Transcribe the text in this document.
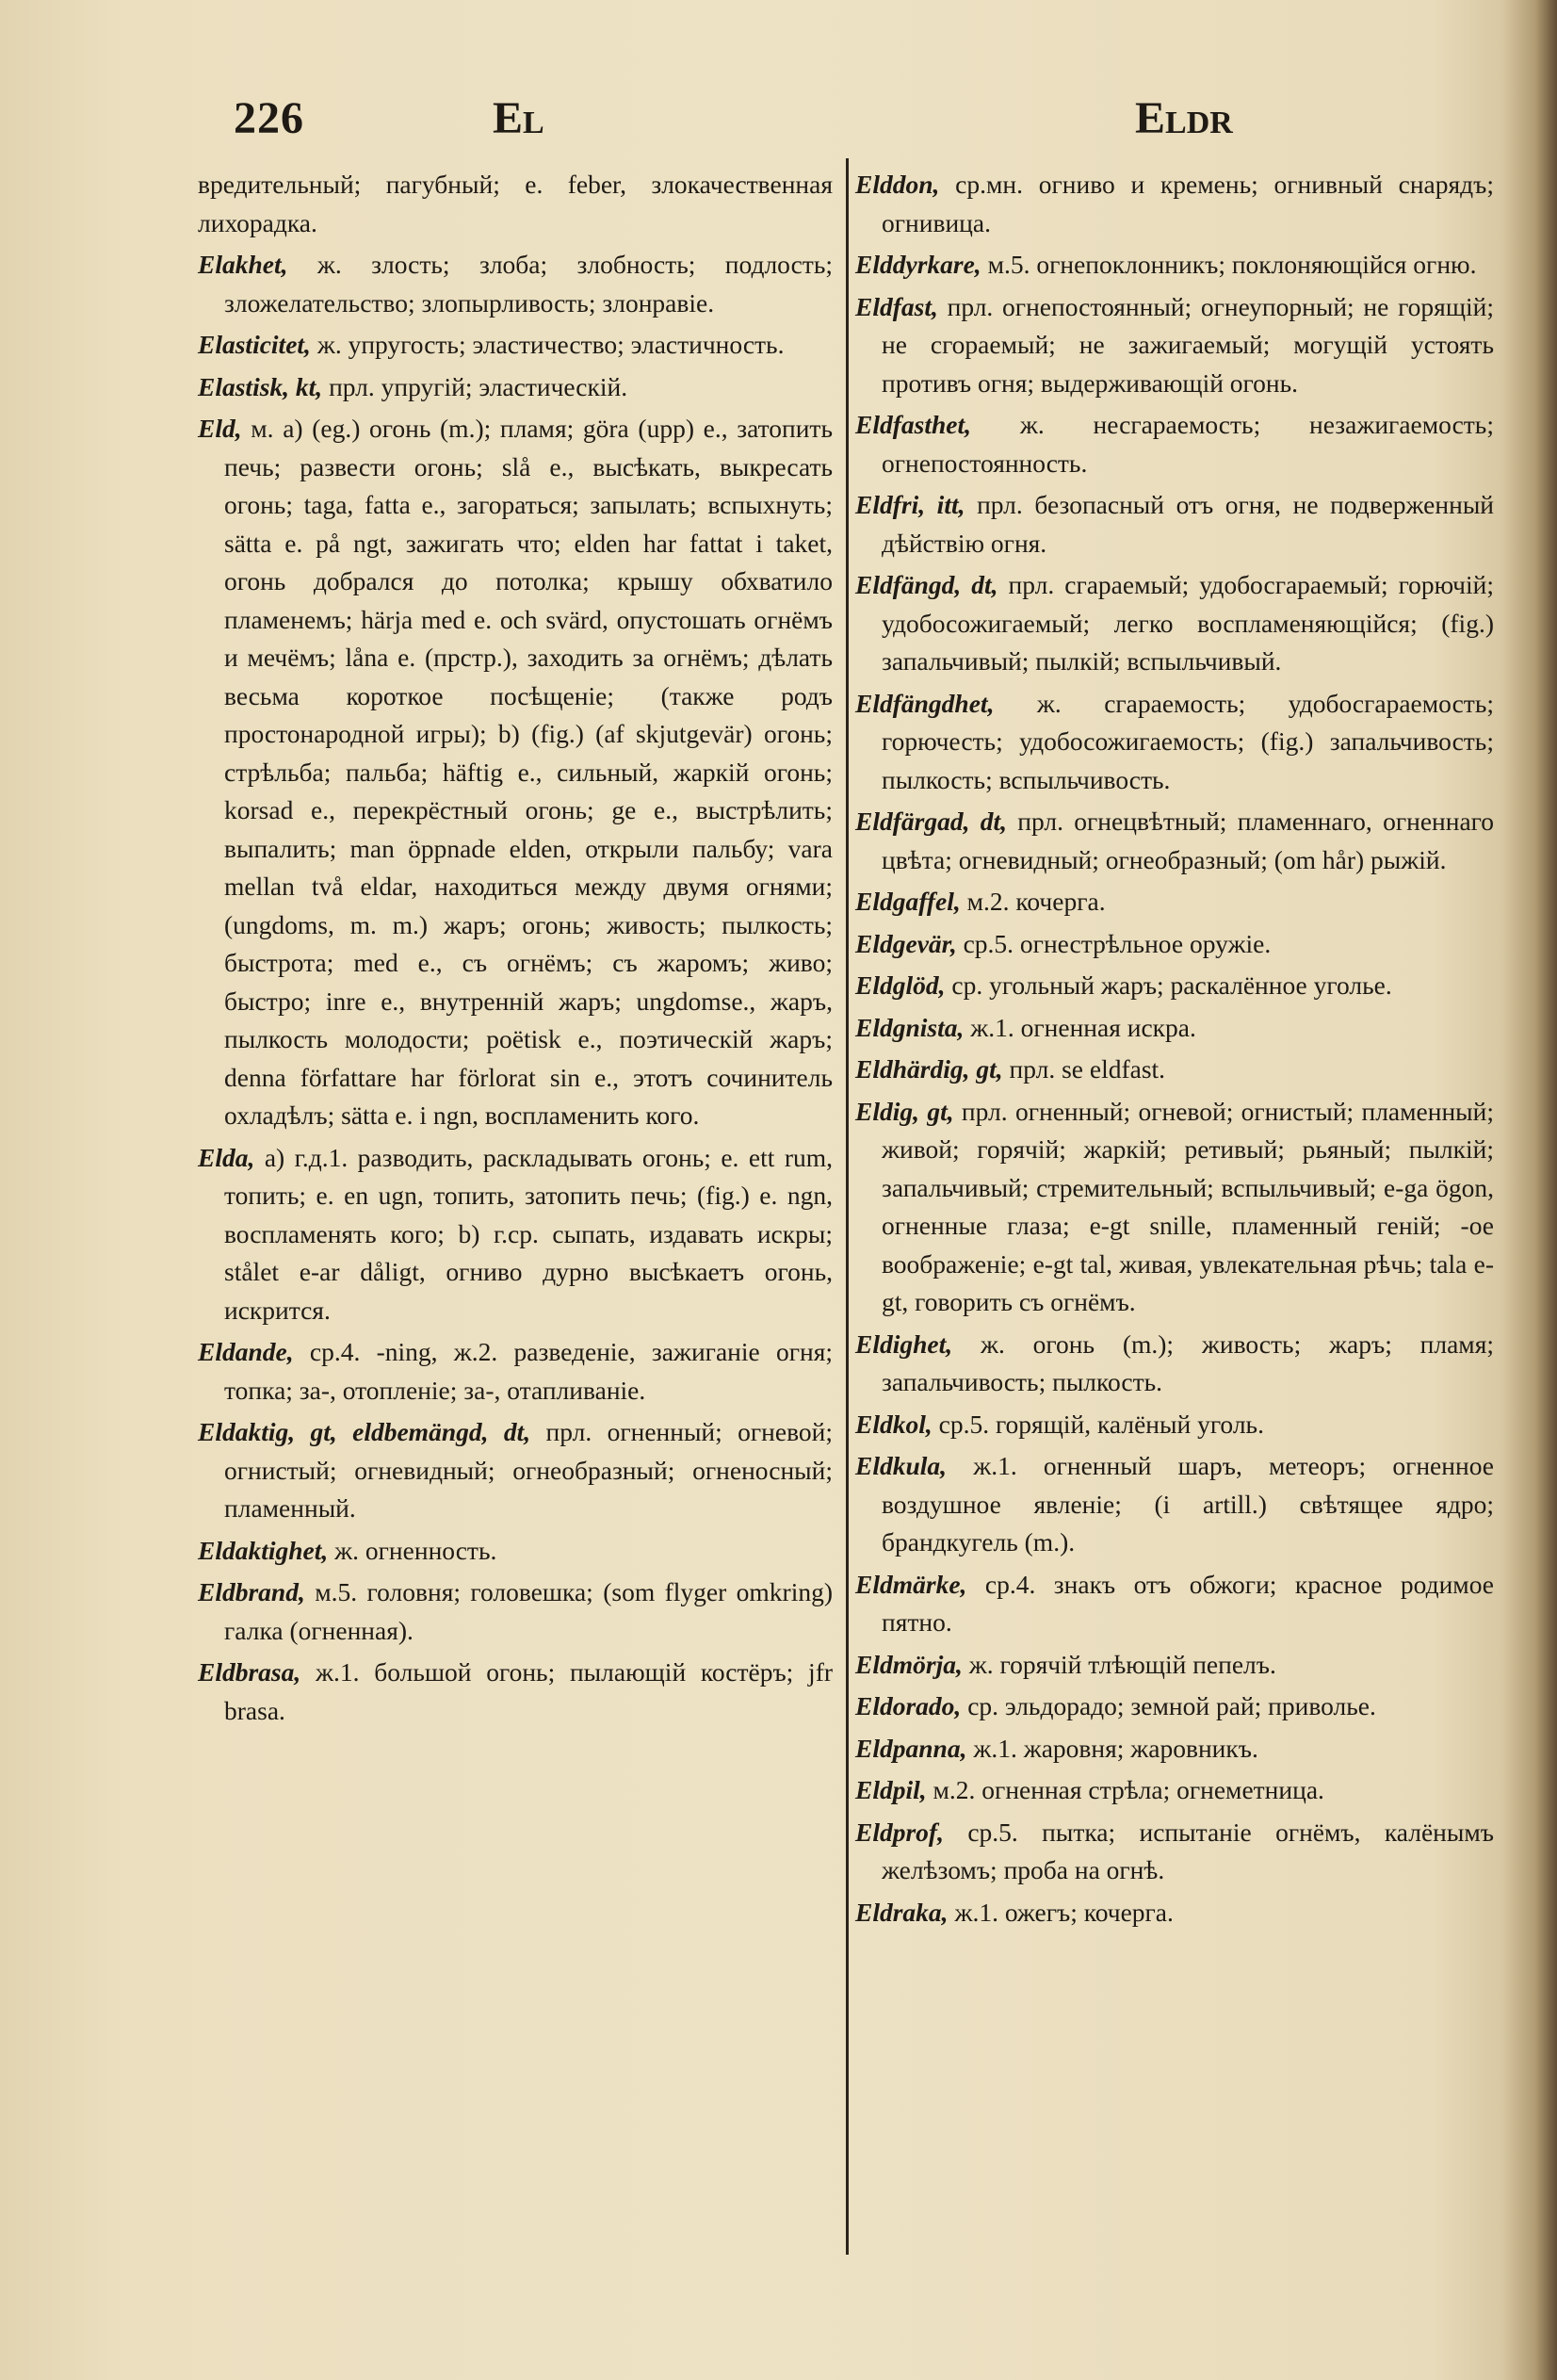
226	El	Eldr
вредительный; пагубный; e. feber, злокачественная лихорадка.
Elakhet, ж. злость; злоба; злобность; подлость; зложелательство; злопырливость; злонравіе.
Elasticitet, ж. упругость; эластичество; эластичность.
Elastisk, kt, прл. упругій; эластическій.
Eld, м. a) (eg.) огонь (m.); пламя; göra (upp) e., затопить печь; развести огонь; slå e., высѣкать, выкресать огонь; taga, fatta e., загораться; запылать; вспыхнуть; sätta e. på ngt, зажигать что; elden har fattat i taket, огонь добрался до потолка; крышу обхватило пламенемъ; härja med e. och svärd, опустошать огнёмъ и мечёмъ; låna e. (прстр.), заходить за огнёмъ; дѣлать весьма короткое посѣщеніе; (также родъ простонародной игры); b) (fig.) (af skjutgevär) огонь; стрѣльба; пальба; häftig e., сильный, жаркій огонь; korsad e., перекрёстный огонь; ge e., выстрѣлить; выпалить; man öppnade elden, открыли пальбу; vara mellan två eldar, находиться между двумя огнями; (ungdoms, m. m.) жаръ; огонь; живость; пылкость; быстрота; med e., съ огнёмъ; съ жаромъ; живо; быстро; inre e., внутренній жаръ; ungdomse., жаръ, пылкость молодости; poëtisk e., поэтическій жаръ; denna författare har förlorat sin e., этотъ сочинитель охладѣлъ; sätta e. i ngn, воспламенить кого.
Elda, a) г.д.1. разводить, раскладывать огонь; e. ett rum, топить; e. en ugn, топить, затопить печь; (fig.) e. ngn, воспламенять кого; b) г.ср. сыпать, издавать искры; stålet e-ar dåligt, огниво дурно высѣкаетъ огонь, искрится.
Eldande, ср.4. -ning, ж.2. разведеніе, зажиганіе огня; топка; за-, отопленіе; за-, отапливаніе.
Eldaktig, gt, eldbemängd, dt, прл. огненный; огневой; огнистый; огневидный; огнеобразный; огненосный; пламенный.
Eldaktighet, ж. огненность.
Eldbrand, м.5. головня; головешка; (som flyger omkring) галка (огненная).
Eldbrasa, ж.1. большой огонь; пылающій костёръ; jfr brasa.
Elddon, ср.мн. огниво и кремень; огнивный снарядъ; огнивица.
Elddyrkare, м.5. огнепоклонникъ; поклоняющійся огню.
Eldfast, прл. огнепостоянный; огнеупорный; не горящій; не сгораемый; не зажигаемый; могущій устоять противъ огня; выдерживающій огонь.
Eldfasthet, ж. несгараемость; незажигаемость; огнепостоянность.
Eldfri, itt, прл. безопасный отъ огня, не подверженный дѣйствію огня.
Eldfängd, dt, прл. сгараемый; удобосгараемый; горючій; удобосожигаемый; легко воспламеняющійся; (fig.) запальчивый; пылкій; вспыльчивый.
Eldfängdhet, ж. сгараемость; удобосгараемость; горючесть; удобосожигаемость; (fig.) запальчивость; пылкость; вспыльчивость.
Eldfärgad, dt, прл. огнецвѣтный; пламеннаго, огненнаго цвѣта; огневидный; огнеобразный; (om hår) рыжій.
Eldgaffel, м.2. кочерга.
Eldgevär, ср.5. огнестрѣльное оружіе.
Eldglöd, ср. угольный жаръ; раскалённое уголье.
Eldgnista, ж.1. огненная искра.
Eldhärdig, gt, прл. se eldfast.
Eldig, gt, прл. огненный; огневой; огнистый; пламенный; живой; горячій; жаркій; ретивый; рьяный; пылкій; запальчивый; стремительный; вспыльчивый; e-ga ögon, огненные глаза; e-gt snille, пламенный геній; -ое воображеніе; e-gt tal, живая, увлекательная рѣчь; tala e-gt, говорить съ огнёмъ.
Eldighet, ж. огонь (m.); живость; жаръ; пламя; запальчивость; пылкость.
Eldkol, ср.5. горящій, калёный уголь.
Eldkula, ж.1. огненный шаръ, метеоръ; огненное воздушное явленіе; (i artill.) свѣтящее ядро; брандкугель (m.).
Eldmärke, ср.4. знакъ отъ обжоги; красное родимое пятно.
Eldmörja, ж. горячій тлѣющій пепелъ.
Eldorado, ср. эльдорадо; земной рай; приволье.
Eldpanna, ж.1. жаровня; жаровникъ.
Eldpil, м.2. огненная стрѣла; огнеметница.
Eldprof, ср.5. пытка; испытаніе огнёмъ, калёнымъ желѣзомъ; проба на огнѣ.
Eldraka, ж.1. ожегъ; кочерга.
